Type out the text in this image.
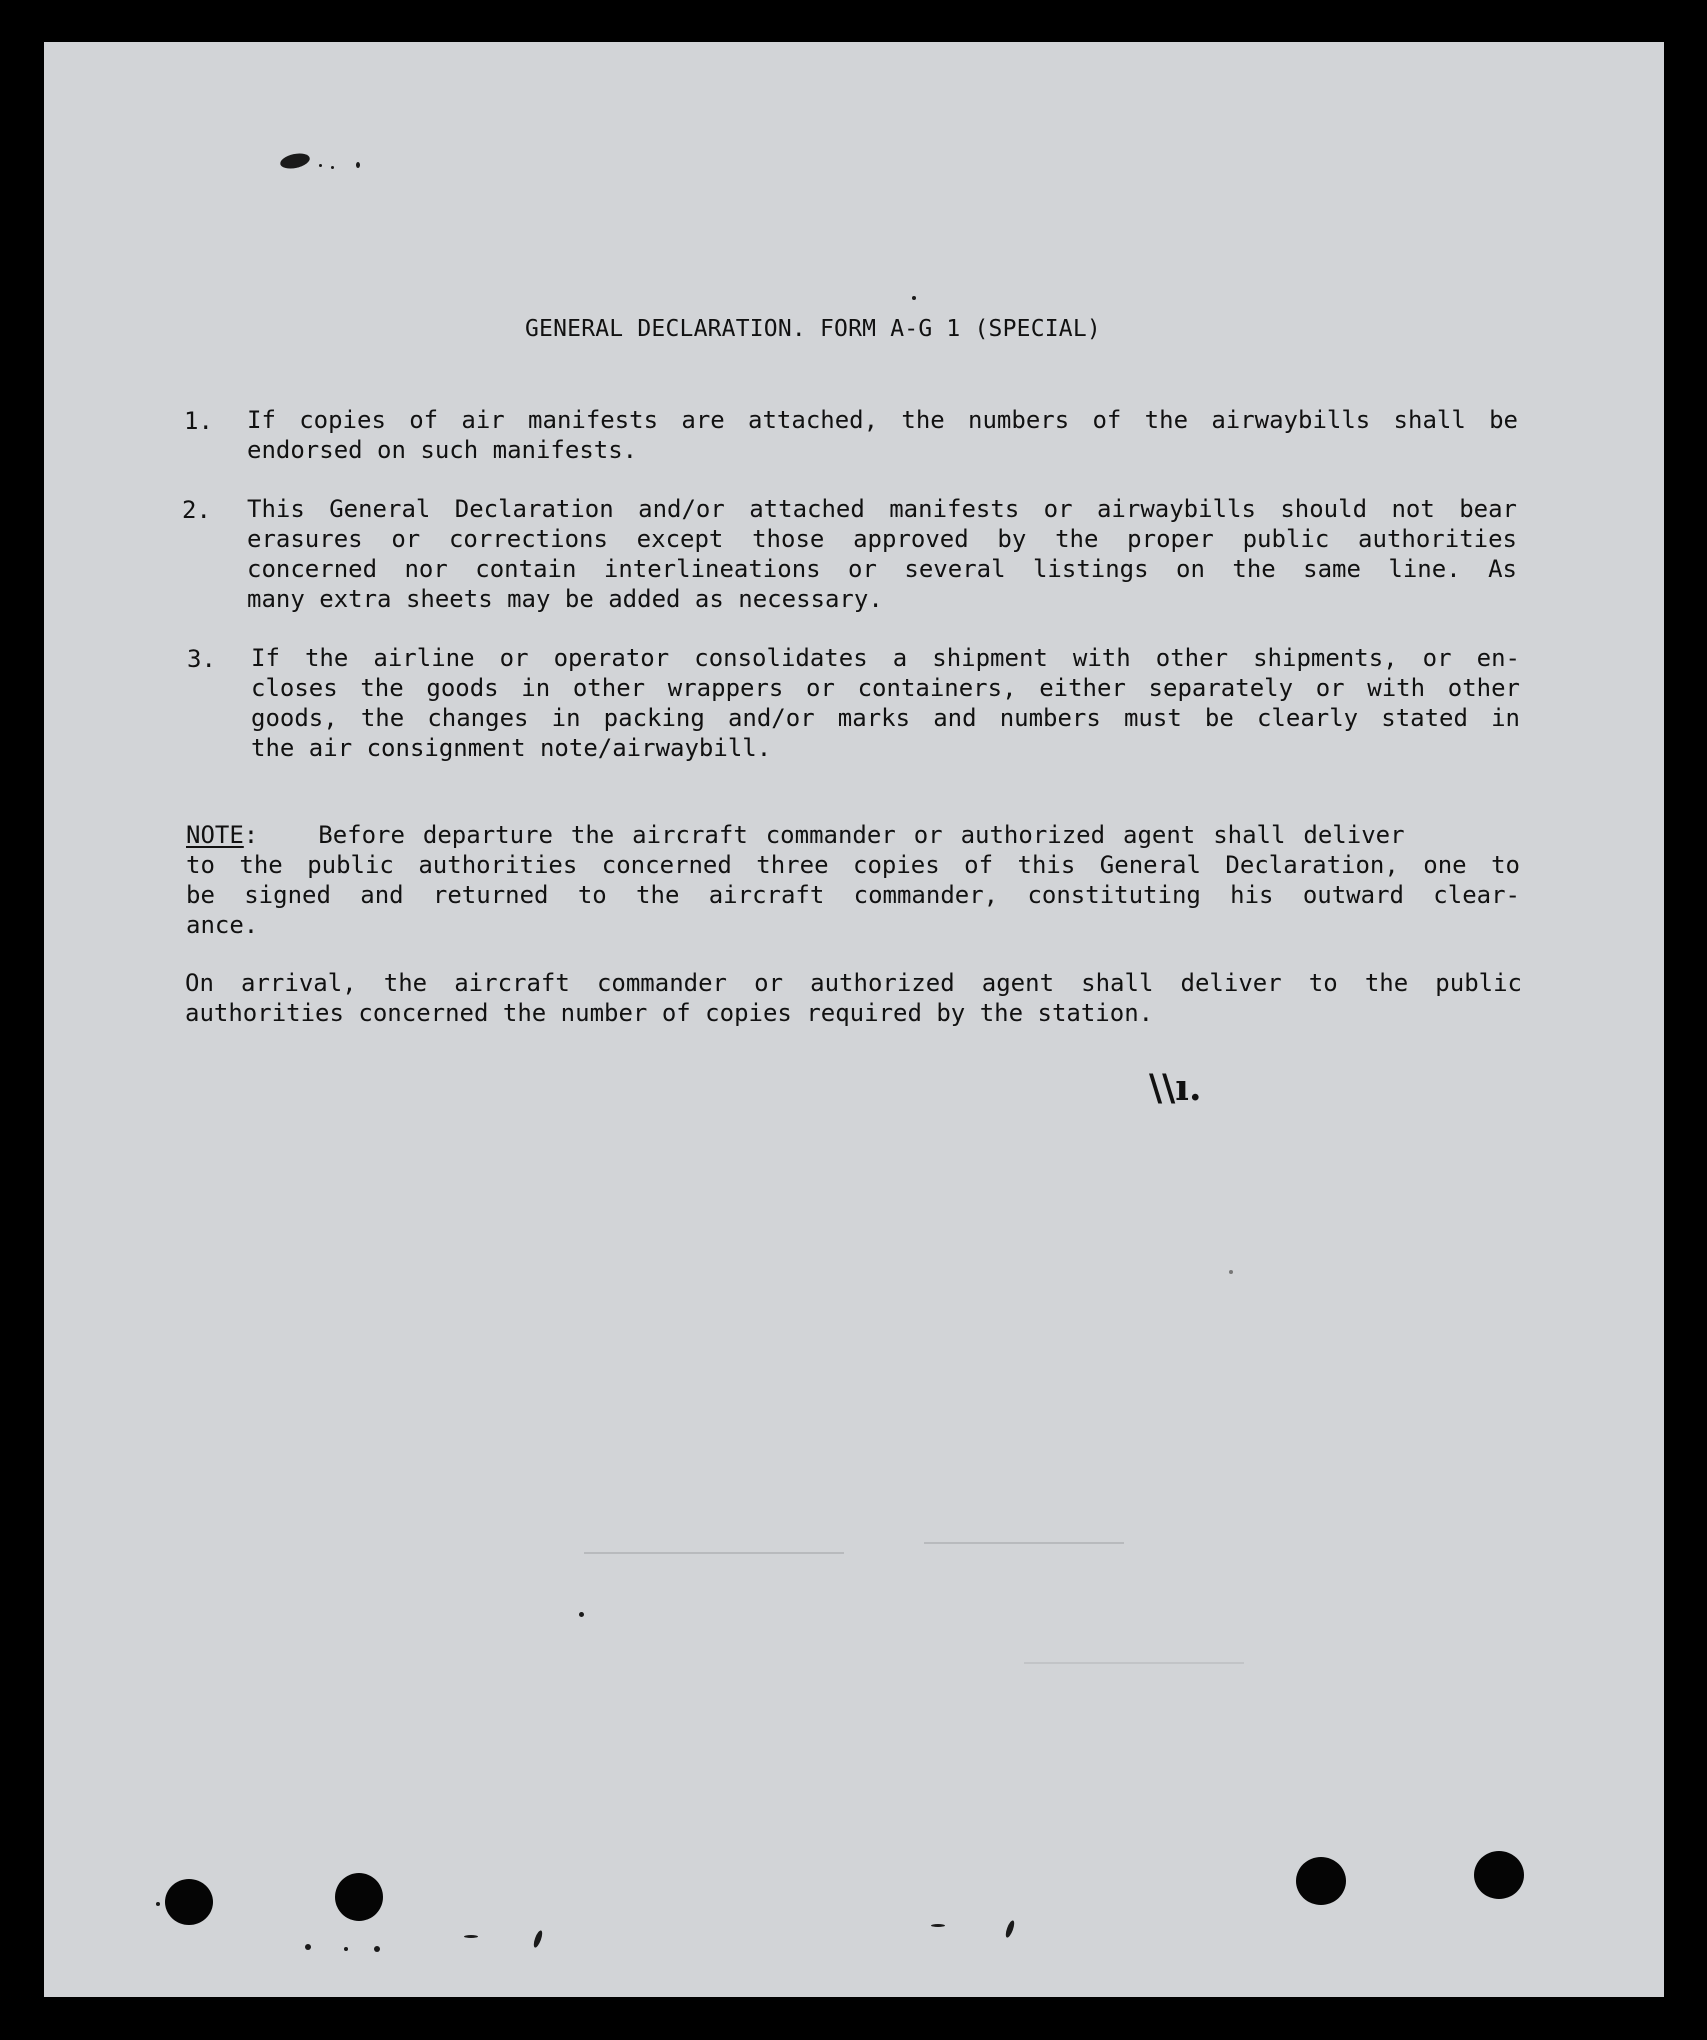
GENERAL DECLARATION. FORM A-G 1 (SPECIAL)
1. If copies of air manifests are attached, the numbers of the airwaybills shall be
endorsed on such manifests.
2. This General Declaration and/or attached manifests or airwaybills should not bear
erasures or corrections except those approved by the proper public authorities
concerned nor contain interlineations or several listings on the same line. As
many extra sheets may be added as necessary.
3. If the airline or operator consolidates a shipment with other shipments, or en-
closes the goods in other wrappers or containers, either separately or with other
goods, the changes in packing and/or marks and numbers must be clearly stated in
the air consignment note/airwaybill.
NOTE:	Before departure the aircraft commander or authorized agent shall deliver
to the public authorities concerned three copies of this General Declaration, one to
be signed and returned to the aircraft commander, constituting his outward clear-
ance.
On arrival, the aircraft commander or authorized agent shall deliver to the public
authorities concerned the number of copies required by the station.
\\ı.
